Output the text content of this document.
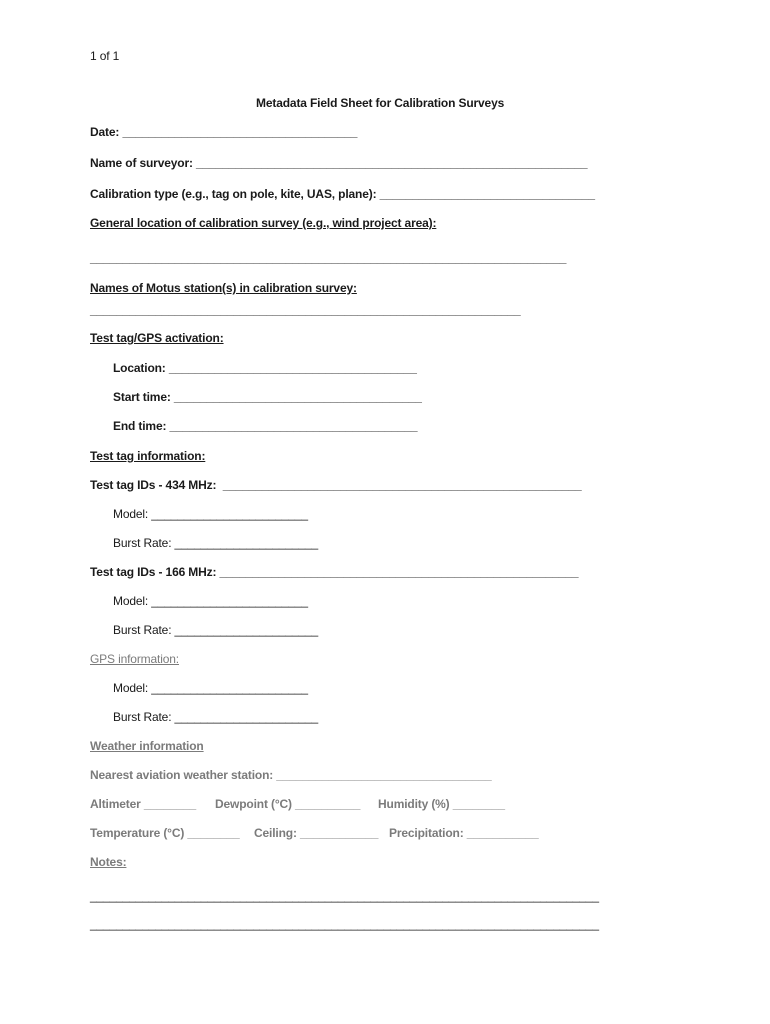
1 of 1
Metadata Field Sheet for Calibration Surveys
Date: ____________________________________
Name of surveyor: ____________________________________________________________
Calibration type (e.g., tag on pole, kite, UAS, plane): _________________________________
General location of calibration survey (e.g., wind project area):
_________________________________________________________________________
Names of Motus station(s) in calibration survey:
__________________________________________________________________
Test tag/GPS activation:
Location: ______________________________________
Start time: ______________________________________
End time: ______________________________________
Test tag information:
Test tag IDs - 434 MHz:  _______________________________________________________
Model: ________________________
Burst Rate: ______________________
Test tag IDs - 166 MHz: _______________________________________________________
Model: ________________________
Burst Rate: ______________________
GPS information:
Model: ________________________
Burst Rate: ______________________
Weather information
Nearest aviation weather station: _________________________________
Altimeter ________ Dewpoint (°C) __________ Humidity (%) ________
Temperature (°C) ________ Ceiling: ____________ Precipitation: ___________
Notes:
______________________________________________________________________________
______________________________________________________________________________
